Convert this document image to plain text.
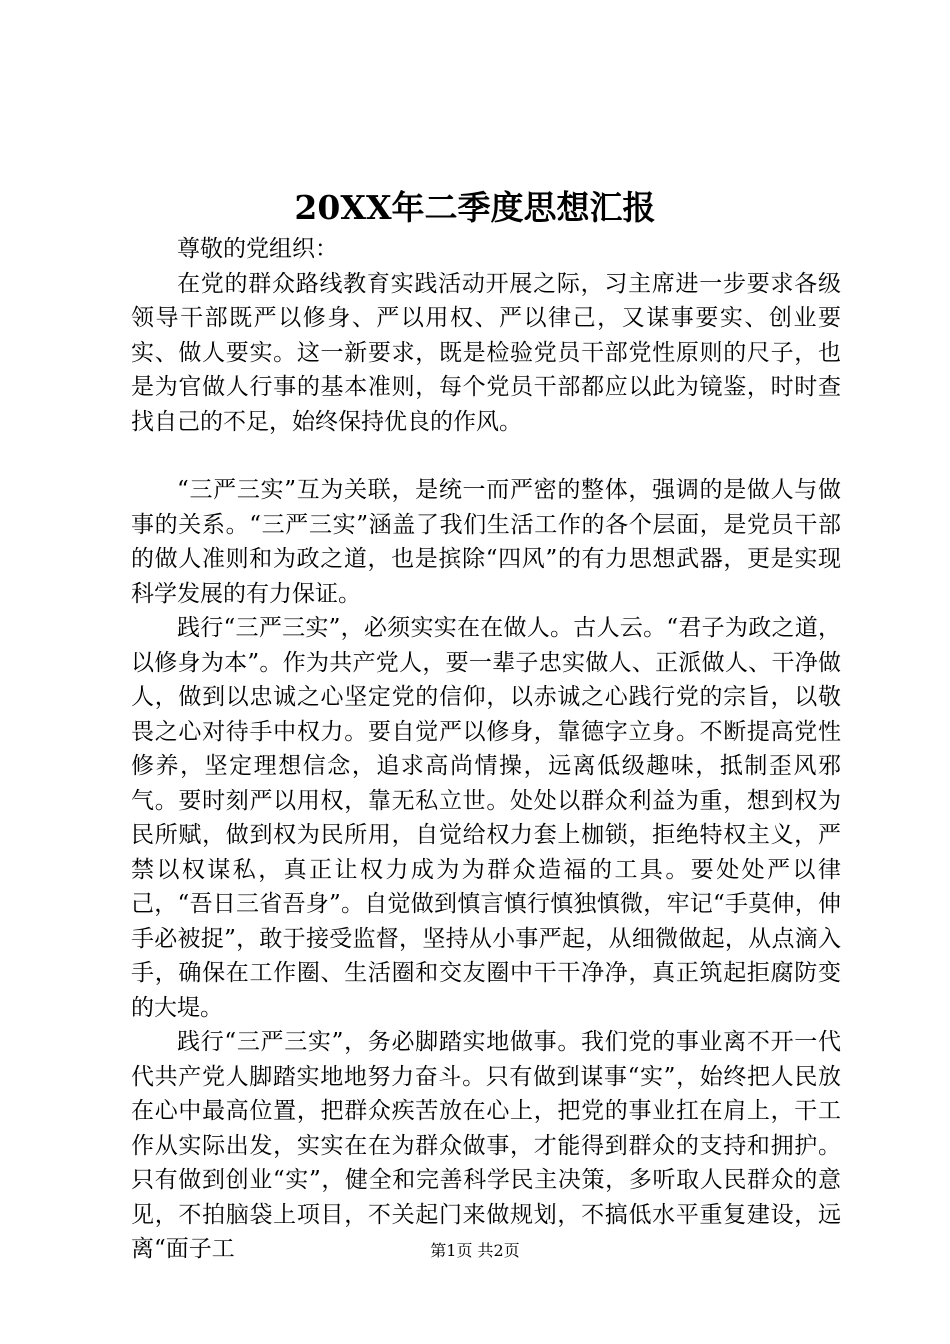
20XX年二季度思想汇报

尊敬的党组织：

在党的群众路线教育实践活动开展之际，习主席进一步要求各级领导干部既严以修身、严以用权、严以律己，又谋事要实、创业要实、做人要实。这一新要求，既是检验党员干部党性原则的尺子，也是为官做人行事的基本准则，每个党员干部都应以此为镜鉴，时时查找自己的不足，始终保持优良的作风。

“三严三实”互为关联，是统一而严密的整体，强调的是做人与做事的关系。“三严三实”涵盖了我们生活工作的各个层面，是党员干部的做人准则和为政之道，也是摈除“四风”的有力思想武器，更是实现科学发展的有力保证。

践行“三严三实”，必须实实在在做人。古人云。“君子为政之道，以修身为本”。作为共产党人，要一辈子忠实做人、正派做人、干净做人，做到以忠诚之心坚定党的信仰，以赤诚之心践行党的宗旨，以敬畏之心对待手中权力。要自觉严以修身，靠德字立身。不断提高党性修养，坚定理想信念，追求高尚情操，远离低级趣味，抵制歪风邪气。要时刻严以用权，靠无私立世。处处以群众利益为重，想到权为民所赋，做到权为民所用，自觉给权力套上枷锁，拒绝特权主义，严禁以权谋私，真正让权力成为为群众造福的工具。要处处严以律己，“吾日三省吾身”。自觉做到慎言慎行慎独慎微，牢记“手莫伸，伸手必被捉”，敢于接受监督，坚持从小事严起，从细微做起，从点滴入手，确保在工作圈、生活圈和交友圈中干干净净，真正筑起拒腐防变的大堤。

践行“三严三实”，务必脚踏实地做事。我们党的事业离不开一代代共产党人脚踏实地地努力奋斗。只有做到谋事“实”，始终把人民放在心中最高位置，把群众疾苦放在心上，把党的事业扛在肩上，干工作从实际出发，实实在在为群众做事，才能得到群众的支持和拥护。只有做到创业“实”，健全和完善科学民主决策，多听取人民群众的意见，不拍脑袋上项目，不关起门来做规划，不搞低水平重复建设，远离“面子工	第1页 共2页
